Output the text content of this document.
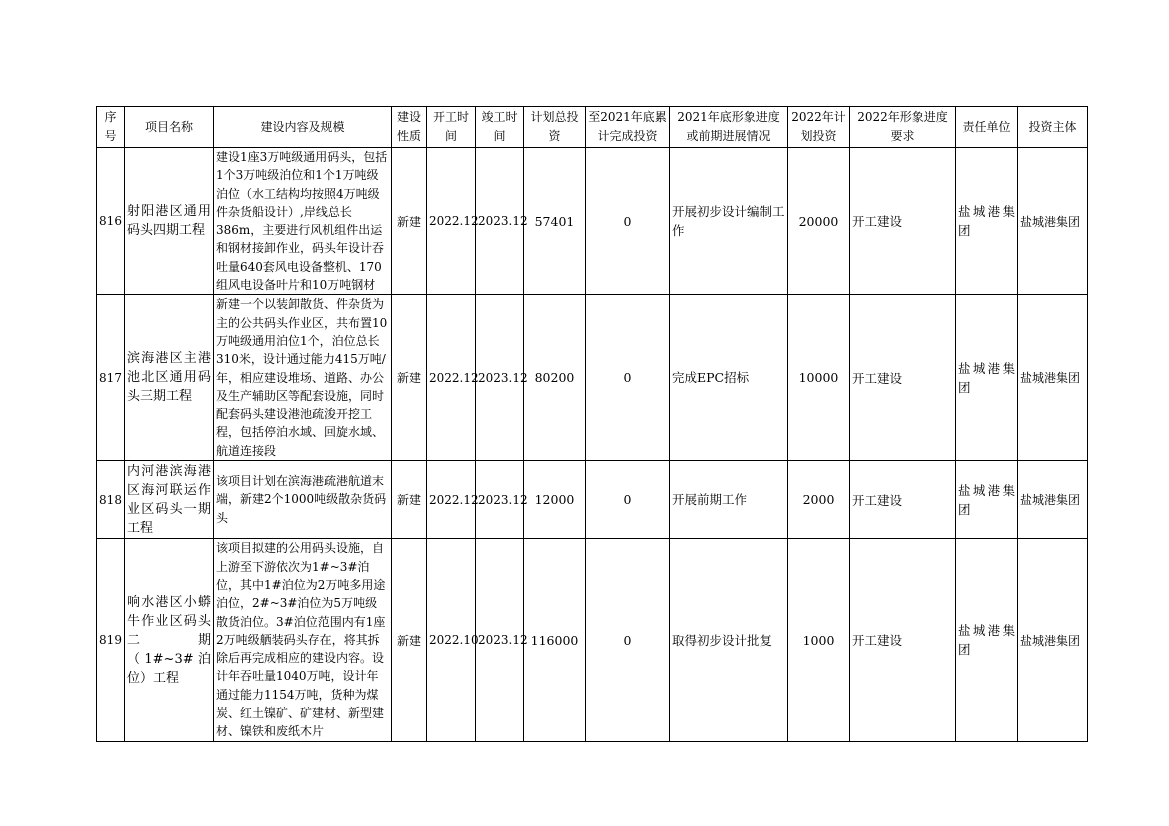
序号	项目名称	建设内容及规模	建设性质	开工时间	竣工时间	计划总投资	至2021年底累计完成投资	2021年底形象进度或前期进展情况	2022年计划投资	2022年形象进度要求	责任单位	投资主体
816	射阳港区通用码头四期工程	建设1座3万吨级通用码头，包括1个3万吨级泊位和1个1万吨级泊位（水工结构均按照4万吨级件杂货船设计）,岸线总长386m，主要进行风机组件出运和钢材接卸作业，码头年设计吞吐量640套风电设备整机、170组风电设备叶片和10万吨钢材	新建	2022.12	2023.12	57401	0	开展初步设计编制工作	20000	开工建设	盐城港集团	盐城港集团
817	滨海港区主港池北区通用码头三期工程	新建一个以装卸散货、件杂货为主的公共码头作业区，共布置10万吨级通用泊位1个，泊位总长310米，设计通过能力415万吨/年，相应建设堆场、道路、办公及生产辅助区等配套设施，同时配套码头建设港池疏浚开挖工程，包括停泊水域、回旋水域、航道连接段	新建	2022.12	2023.12	80200	0	完成EPC招标	10000	开工建设	盐城港集团	盐城港集团
818	内河港滨海港区海河联运作业区码头一期工程	该项目计划在滨海港疏港航道末端，新建2个1000吨级散杂货码头	新建	2022.12	2023.12	12000	0	开展前期工作	2000	开工建设	盐城港集团	盐城港集团
819	响水港区小蟒牛作业区码头二期（1#~3#泊位）工程	该项目拟建的公用码头设施，自上游至下游依次为1#~3#泊位，其中1#泊位为2万吨多用途泊位，2#~3#泊位为5万吨级散货泊位。3#泊位范围内有1座2万吨级舾装码头存在，将其拆除后再完成相应的建设内容。设计年吞吐量1040万吨，设计年通过能力1154万吨，货种为煤炭、红土镍矿、矿建材、新型建材、镍铁和废纸木片	新建	2022.10	2023.12	116000	0	取得初步设计批复	1000	开工建设	盐城港集团	盐城港集团
